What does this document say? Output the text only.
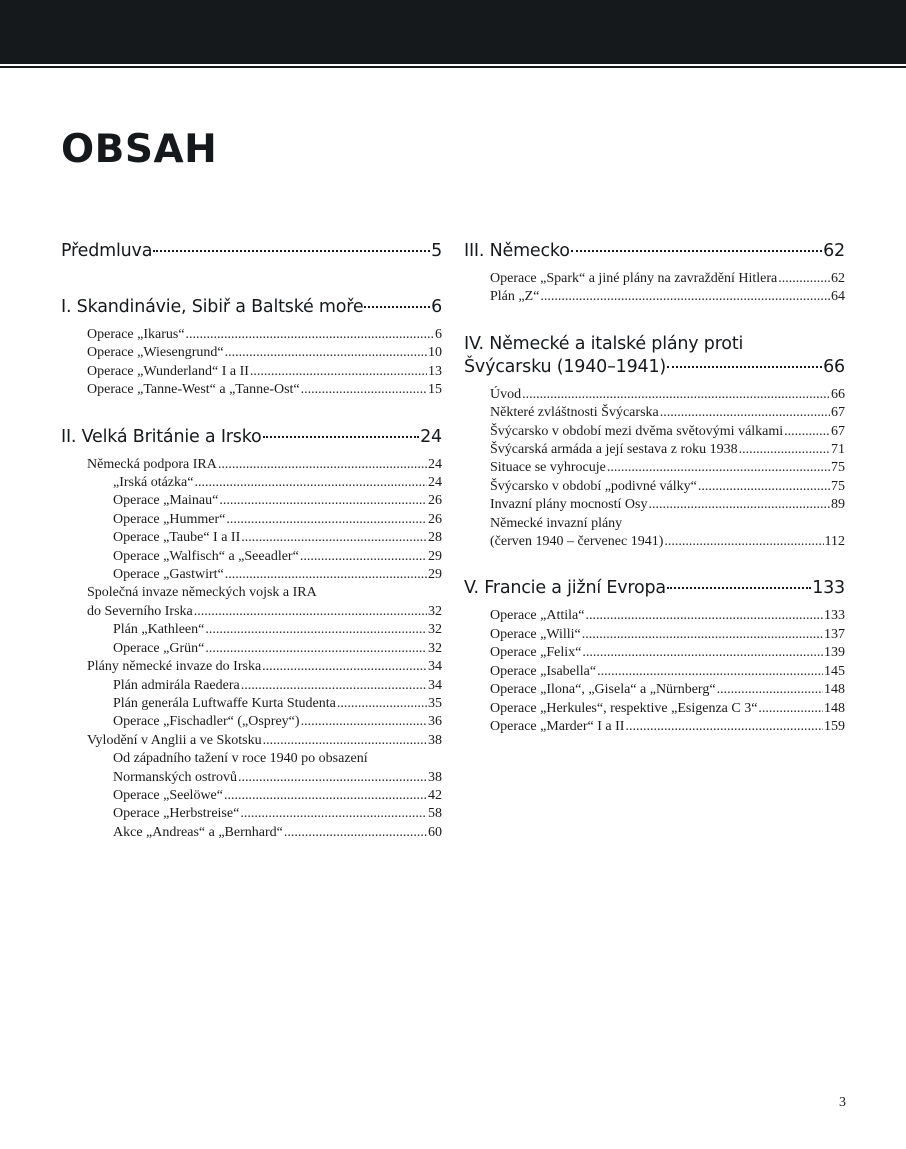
OBSAH
Předmluva	5
I. Skandinávie, Sibiř a Baltské moře	6
Operace „Ikarus“ .....	6
Operace „Wiesengrund“ .....	10
Operace „Wunderland“ I a II .....	13
Operace „Tanne-West“ a „Tanne-Ost“ .....	15
II. Velká Británie a Irsko	24
Německá podpora IRA .....	24
„Irská otázka“ .....	24
Operace „Mainau“ .....	26
Operace „Hummer“ .....	26
Operace „Taube“ I a II .....	28
Operace „Walfisch“ a „Seeadler“ .....	29
Operace „Gastwirt“ .....	29
Společná invaze německých vojsk a IRA
do Severního Irska .....	32
Plán „Kathleen“ .....	32
Operace „Grün“ .....	32
Plány německé invaze do Irska .....	34
Plán admirála Raedera .....	34
Plán generála Luftwaffe Kurta Studenta .....	35
Operace „Fischadler“ („Osprey“) .....	36
Vylodění v Anglii a ve Skotsku .....	38
Od západního tažení v roce 1940 po obsazení
Normanských ostrovů .....	38
Operace „Seelöwe“ .....	42
Operace „Herbstreise“ .....	58
Akce „Andreas“ a „Bernhard“ .....	60
III. Německo	62
Operace „Spark“ a jiné plány na zavraždění Hitlera .....	62
Plán „Z“ .....	64
IV. Německé a italské plány proti
Švýcarsku (1940–1941)	66
Úvod .....	66
Některé zvláštnosti Švýcarska .....	67
Švýcarsko v období mezi dvěma světovými válkami .....	67
Švýcarská armáda a její sestava z roku 1938 .....	71
Situace se vyhrocuje .....	75
Švýcarsko v období „podivné války“ .....	75
Invazní plány mocností Osy .....	89
Německé invazní plány
(červen 1940 – červenec 1941) .....	112
V. Francie a jižní Evropa	133
Operace „Attila“ .....	133
Operace „Willi“ .....	137
Operace „Felix“ .....	139
Operace „Isabella“ .....	145
Operace „Ilona“, „Gisela“ a „Nürnberg“ .....	148
Operace „Herkules“, respektive „Esigenza C 3“ .....	148
Operace „Marder“ I a II .....	159
3
